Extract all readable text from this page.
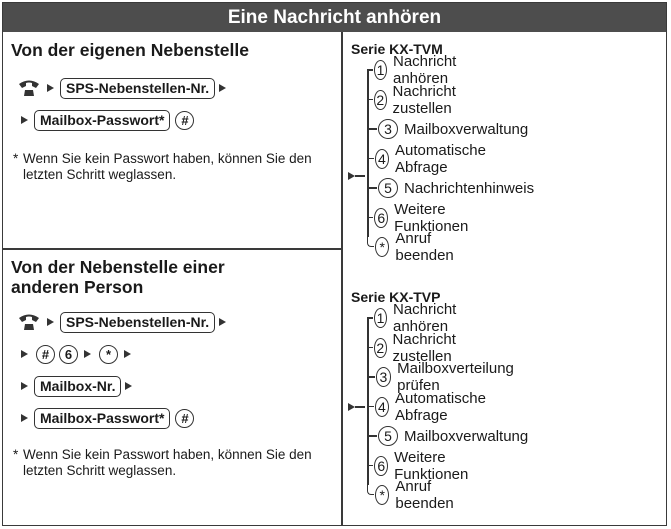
Eine Nachricht anhören
Von der eigenen Nebenstelle
SPS-Nebenstellen-Nr.
Mailbox-Passwort*	#
* Wenn Sie kein Passwort haben, können Sie den letzten Schritt weglassen.
Von der Nebenstelle einer
anderen Person
SPS-Nebenstellen-Nr.
#	6	*
Mailbox-Nr.
Mailbox-Passwort*	#
* Wenn Sie kein Passwort haben, können Sie den letzten Schritt weglassen.
Serie KX-TVM
1 Nachricht anhören
2 Nachricht zustellen
3 Mailboxverwaltung
4 Automatische Abfrage
5 Nachrichtenhinweis
6 Weitere Funktionen
* Anruf beenden
Serie KX-TVP
1 Nachricht anhören
2 Nachricht zustellen
3 Mailboxverteilung prüfen
4 Automatische Abfrage
5 Mailboxverwaltung
6 Weitere Funktionen
* Anruf beenden
